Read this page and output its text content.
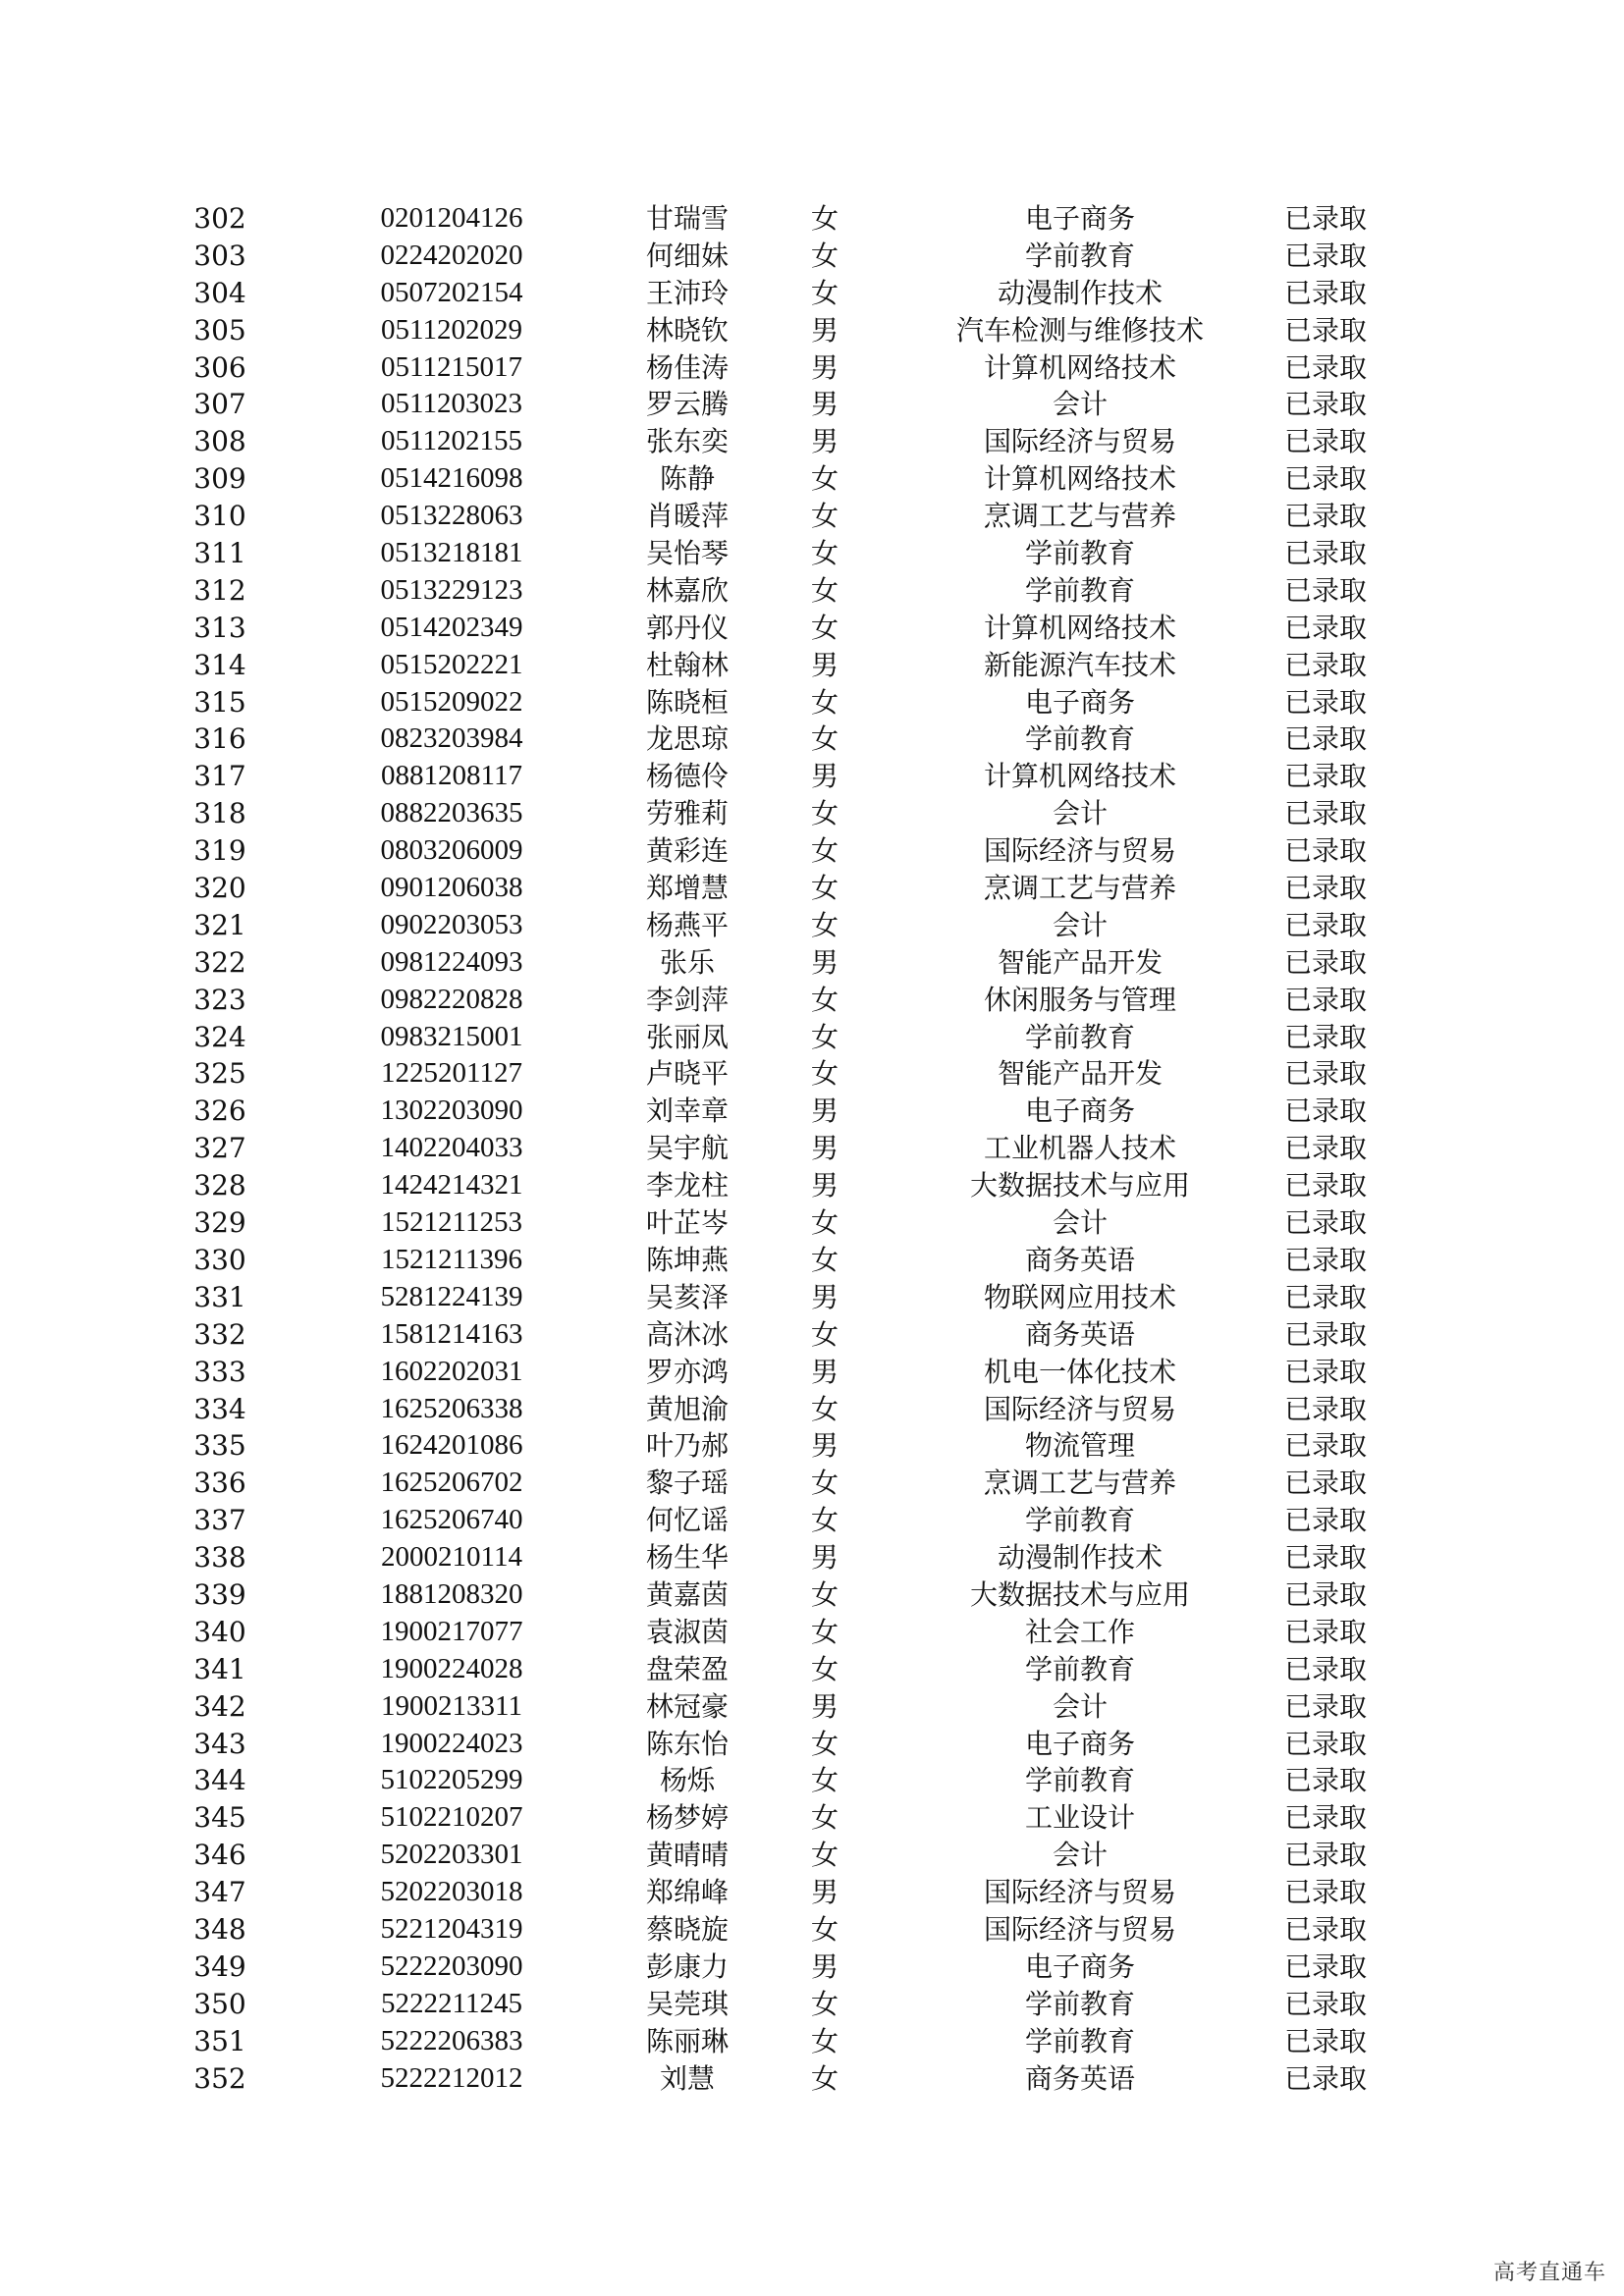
302	0201204126	甘瑞雪	女	电子商务	已录取
303	0224202020	何细妹	女	学前教育	已录取
304	0507202154	王沛玲	女	动漫制作技术	已录取
305	0511202029	林晓钦	男	汽车检测与维修技术	已录取
306	0511215017	杨佳涛	男	计算机网络技术	已录取
307	0511203023	罗云腾	男	会计	已录取
308	0511202155	张东奕	男	国际经济与贸易	已录取
309	0514216098	陈静	女	计算机网络技术	已录取
310	0513228063	肖暖萍	女	烹调工艺与营养	已录取
311	0513218181	吴怡琴	女	学前教育	已录取
312	0513229123	林嘉欣	女	学前教育	已录取
313	0514202349	郭丹仪	女	计算机网络技术	已录取
314	0515202221	杜翰林	男	新能源汽车技术	已录取
315	0515209022	陈晓桓	女	电子商务	已录取
316	0823203984	龙思琼	女	学前教育	已录取
317	0881208117	杨德伶	男	计算机网络技术	已录取
318	0882203635	劳雅莉	女	会计	已录取
319	0803206009	黄彩连	女	国际经济与贸易	已录取
320	0901206038	郑增慧	女	烹调工艺与营养	已录取
321	0902203053	杨燕平	女	会计	已录取
322	0981224093	张乐	男	智能产品开发	已录取
323	0982220828	李剑萍	女	休闲服务与管理	已录取
324	0983215001	张丽凤	女	学前教育	已录取
325	1225201127	卢晓平	女	智能产品开发	已录取
326	1302203090	刘幸章	男	电子商务	已录取
327	1402204033	吴宇航	男	工业机器人技术	已录取
328	1424214321	李龙柱	男	大数据技术与应用	已录取
329	1521211253	叶芷岑	女	会计	已录取
330	1521211396	陈坤燕	女	商务英语	已录取
331	5281224139	吴荄泽	男	物联网应用技术	已录取
332	1581214163	高沐冰	女	商务英语	已录取
333	1602202031	罗亦鸿	男	机电一体化技术	已录取
334	1625206338	黄旭渝	女	国际经济与贸易	已录取
335	1624201086	叶乃郝	男	物流管理	已录取
336	1625206702	黎子瑶	女	烹调工艺与营养	已录取
337	1625206740	何忆谣	女	学前教育	已录取
338	2000210114	杨生华	男	动漫制作技术	已录取
339	1881208320	黄嘉茵	女	大数据技术与应用	已录取
340	1900217077	袁淑茵	女	社会工作	已录取
341	1900224028	盘荣盈	女	学前教育	已录取
342	1900213311	林冠豪	男	会计	已录取
343	1900224023	陈东怡	女	电子商务	已录取
344	5102205299	杨烁	女	学前教育	已录取
345	5102210207	杨梦婷	女	工业设计	已录取
346	5202203301	黄晴晴	女	会计	已录取
347	5202203018	郑绵峰	男	国际经济与贸易	已录取
348	5221204319	蔡晓旋	女	国际经济与贸易	已录取
349	5222203090	彭康力	男	电子商务	已录取
350	5222211245	吴莞琪	女	学前教育	已录取
351	5222206383	陈丽琳	女	学前教育	已录取
352	5222212012	刘慧	女	商务英语	已录取
高考直通车
